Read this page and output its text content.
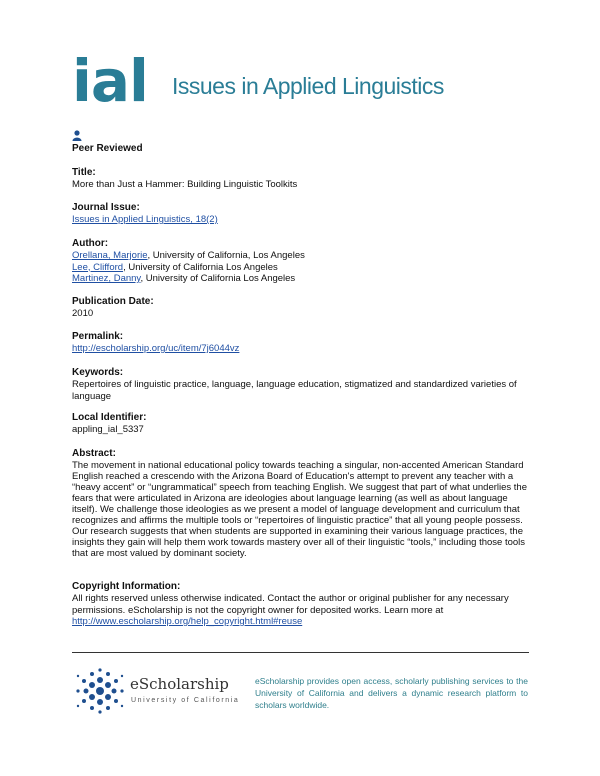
ial Issues in Applied Linguistics
Peer Reviewed

Title:

More than Just a Hammer: Building Linguistic Toolkits

Journal Issue:

Issues in Applied Linguistics, 18(2)

Author:

Orellana, Marjorie, University of California, Los Angeles

Lee, Clifford, University of California Los Angeles

Martinez, Danny, University of California Los Angeles

Publication Date:

2010

Permalink:

http://escholarship.org/uc/item/7j6044vz

Keywords:

Repertoires of linguistic practice, language, language education, stigmatized and standardized varieties of language

Local Identifier:

appling_ial_5337

Abstract:

The movement in national educational policy towards teaching a singular, non-accented American Standard English reached a crescendo with the Arizona Board of Education's attempt to prevent any teacher with a “heavy accent” or “ungrammatical” speech from teaching English. We suggest that part of what underlies the fears that were articulated in Arizona are ideologies about language learning (as well as about language itself). We challenge those ideologies as we present a model of language development and curriculum that recognizes and affirms the multiple tools or “repertoires of linguistic practice” that all young people possess. Our research suggests that when students are supported in examining their various language practices, the insights they gain will help them work towards mastery over all of their linguistic “tools,” including those tools that are most valued by dominant society.

Copyright Information:

All rights reserved unless otherwise indicated. Contact the author or original publisher for any necessary permissions. eScholarship is not the copyright owner for deposited works. Learn more at http://www.escholarship.org/help_copyright.html#reuse

eScholarship
University of California
eScholarship provides open access, scholarly publishing services to the University of California and delivers a dynamic research platform to scholars worldwide.
